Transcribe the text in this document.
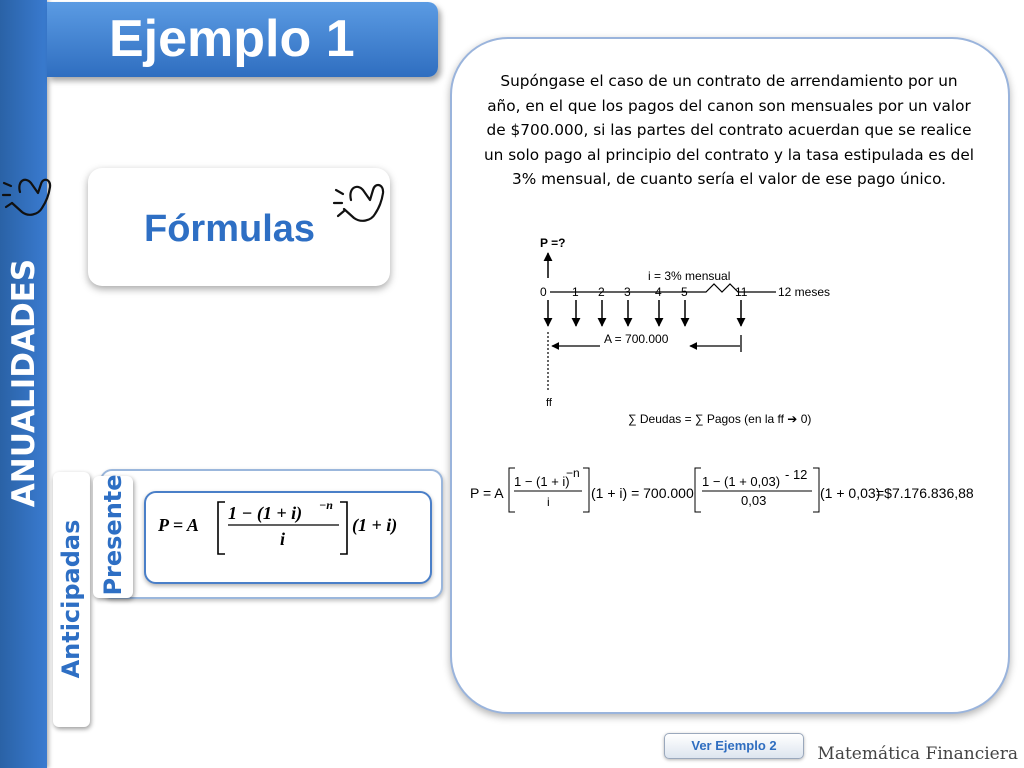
ANUALIDADES
Ejemplo 1
Fórmulas
Anticipadas Presente P = A
1 − (1 + i) −n
i
(1 + i)
Supóngase el caso de un contrato de arrendamiento por un año, en el que los pagos del canon son mensuales por un valor de $700.000, si las partes del contrato acuerdan que se realice un solo pago al principio del contrato y la tasa estipulada es del 3% mensual, de cuanto sería el valor de ese pago único.
P =?
i = 3% mensual
0 1 2 3 4 5	11	12 meses
A = 700.000
ff
∑ Deudas = ∑ Pagos (en la ff ➔ 0)
P = A
1 − (1 + i)
−n
i
(1 + i) = 700.000
1 − (1 + 0,03) - 12
0,03	(1 + 0,03)
=$7.176.836,88
Ver Ejemplo 2	Matemática Financiera
